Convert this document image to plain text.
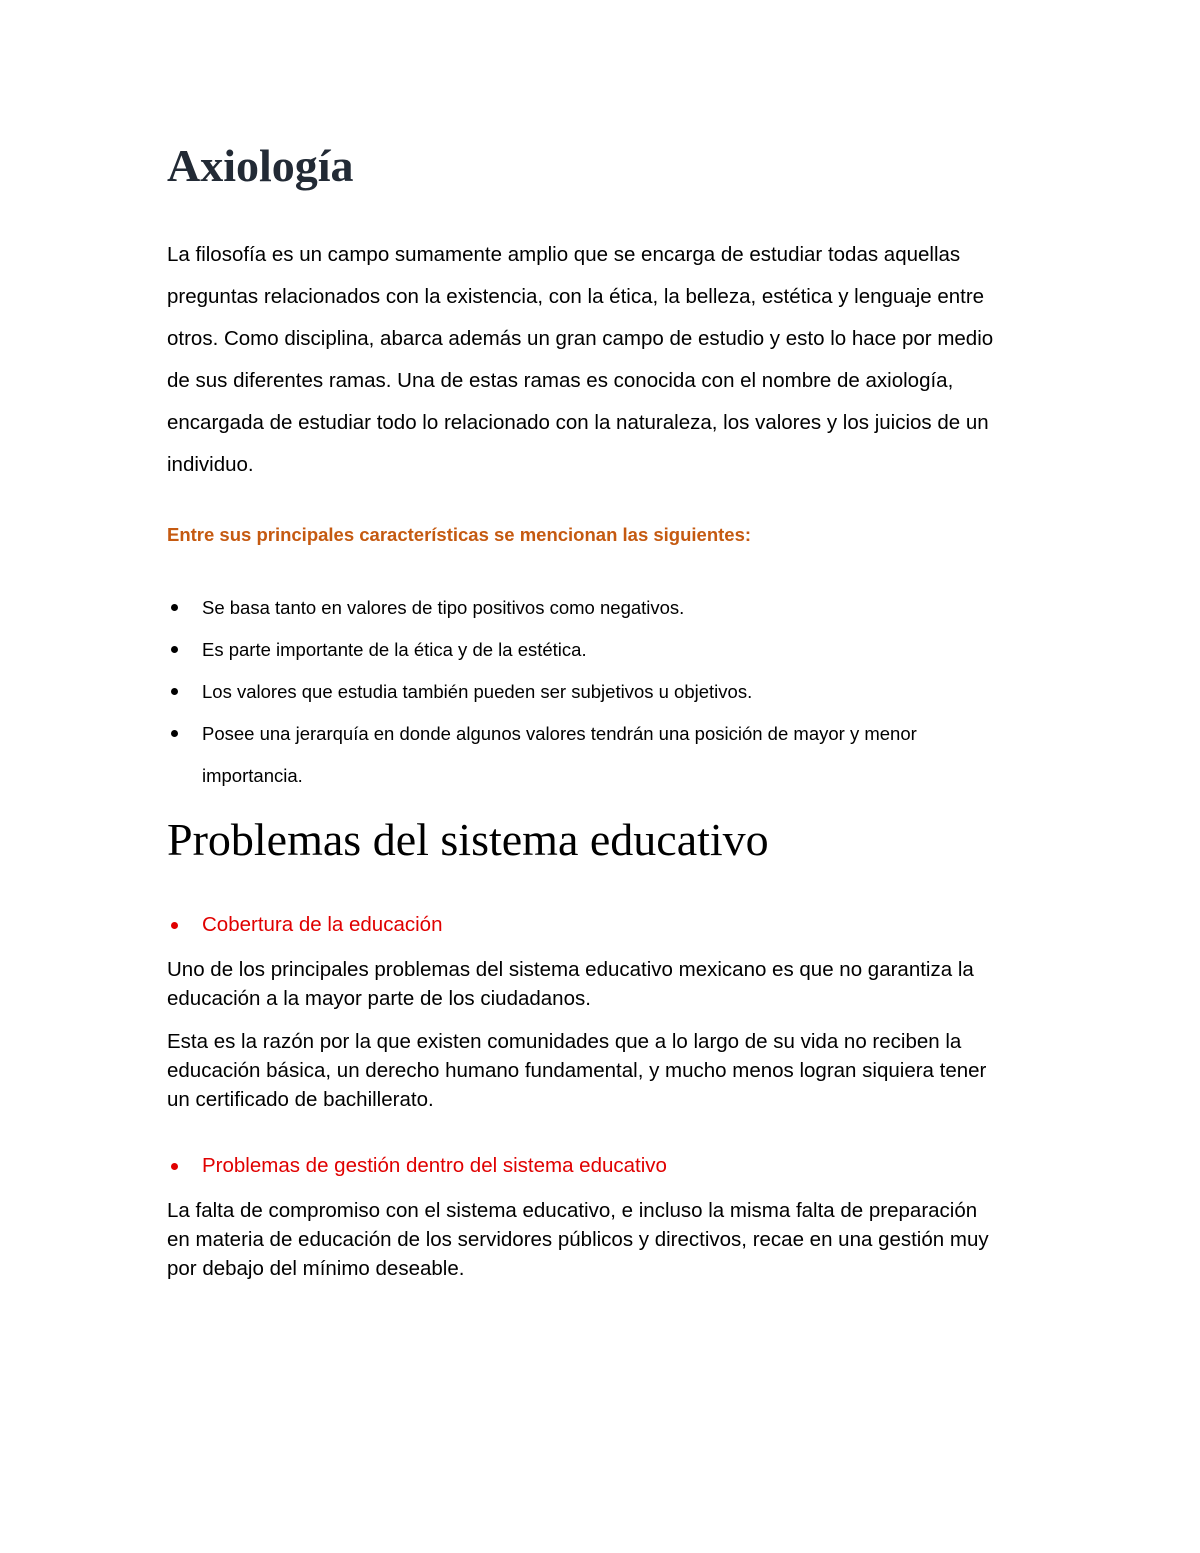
Axiología

La filosofía es un campo sumamente amplio que se encarga de estudiar todas aquellas
preguntas relacionados con la existencia, con la ética, la belleza, estética y lenguaje entre
otros. Como disciplina, abarca además un gran campo de estudio y esto lo hace por medio
de sus diferentes ramas. Una de estas ramas es conocida con el nombre de axiología,
encargada de estudiar todo lo relacionado con la naturaleza, los valores y los juicios de un
individuo.

Entre sus principales características se mencionan las siguientes:

Se basa tanto en valores de tipo positivos como negativos.
Es parte importante de la ética y de la estética.
Los valores que estudia también pueden ser subjetivos u objetivos.
Posee una jerarquía en donde algunos valores tendrán una posición de mayor y menor
importancia.
Problemas del sistema educativo

Cobertura de la educación

Uno de los principales problemas del sistema educativo mexicano es que no garantiza la
educación a la mayor parte de los ciudadanos.

Esta es la razón por la que existen comunidades que a lo largo de su vida no reciben la
educación básica, un derecho humano fundamental, y mucho menos logran siquiera tener
un certificado de bachillerato.

Problemas de gestión dentro del sistema educativo

La falta de compromiso con el sistema educativo, e incluso la misma falta de preparación
en materia de educación de los servidores públicos y directivos, recae en una gestión muy
por debajo del mínimo deseable.
